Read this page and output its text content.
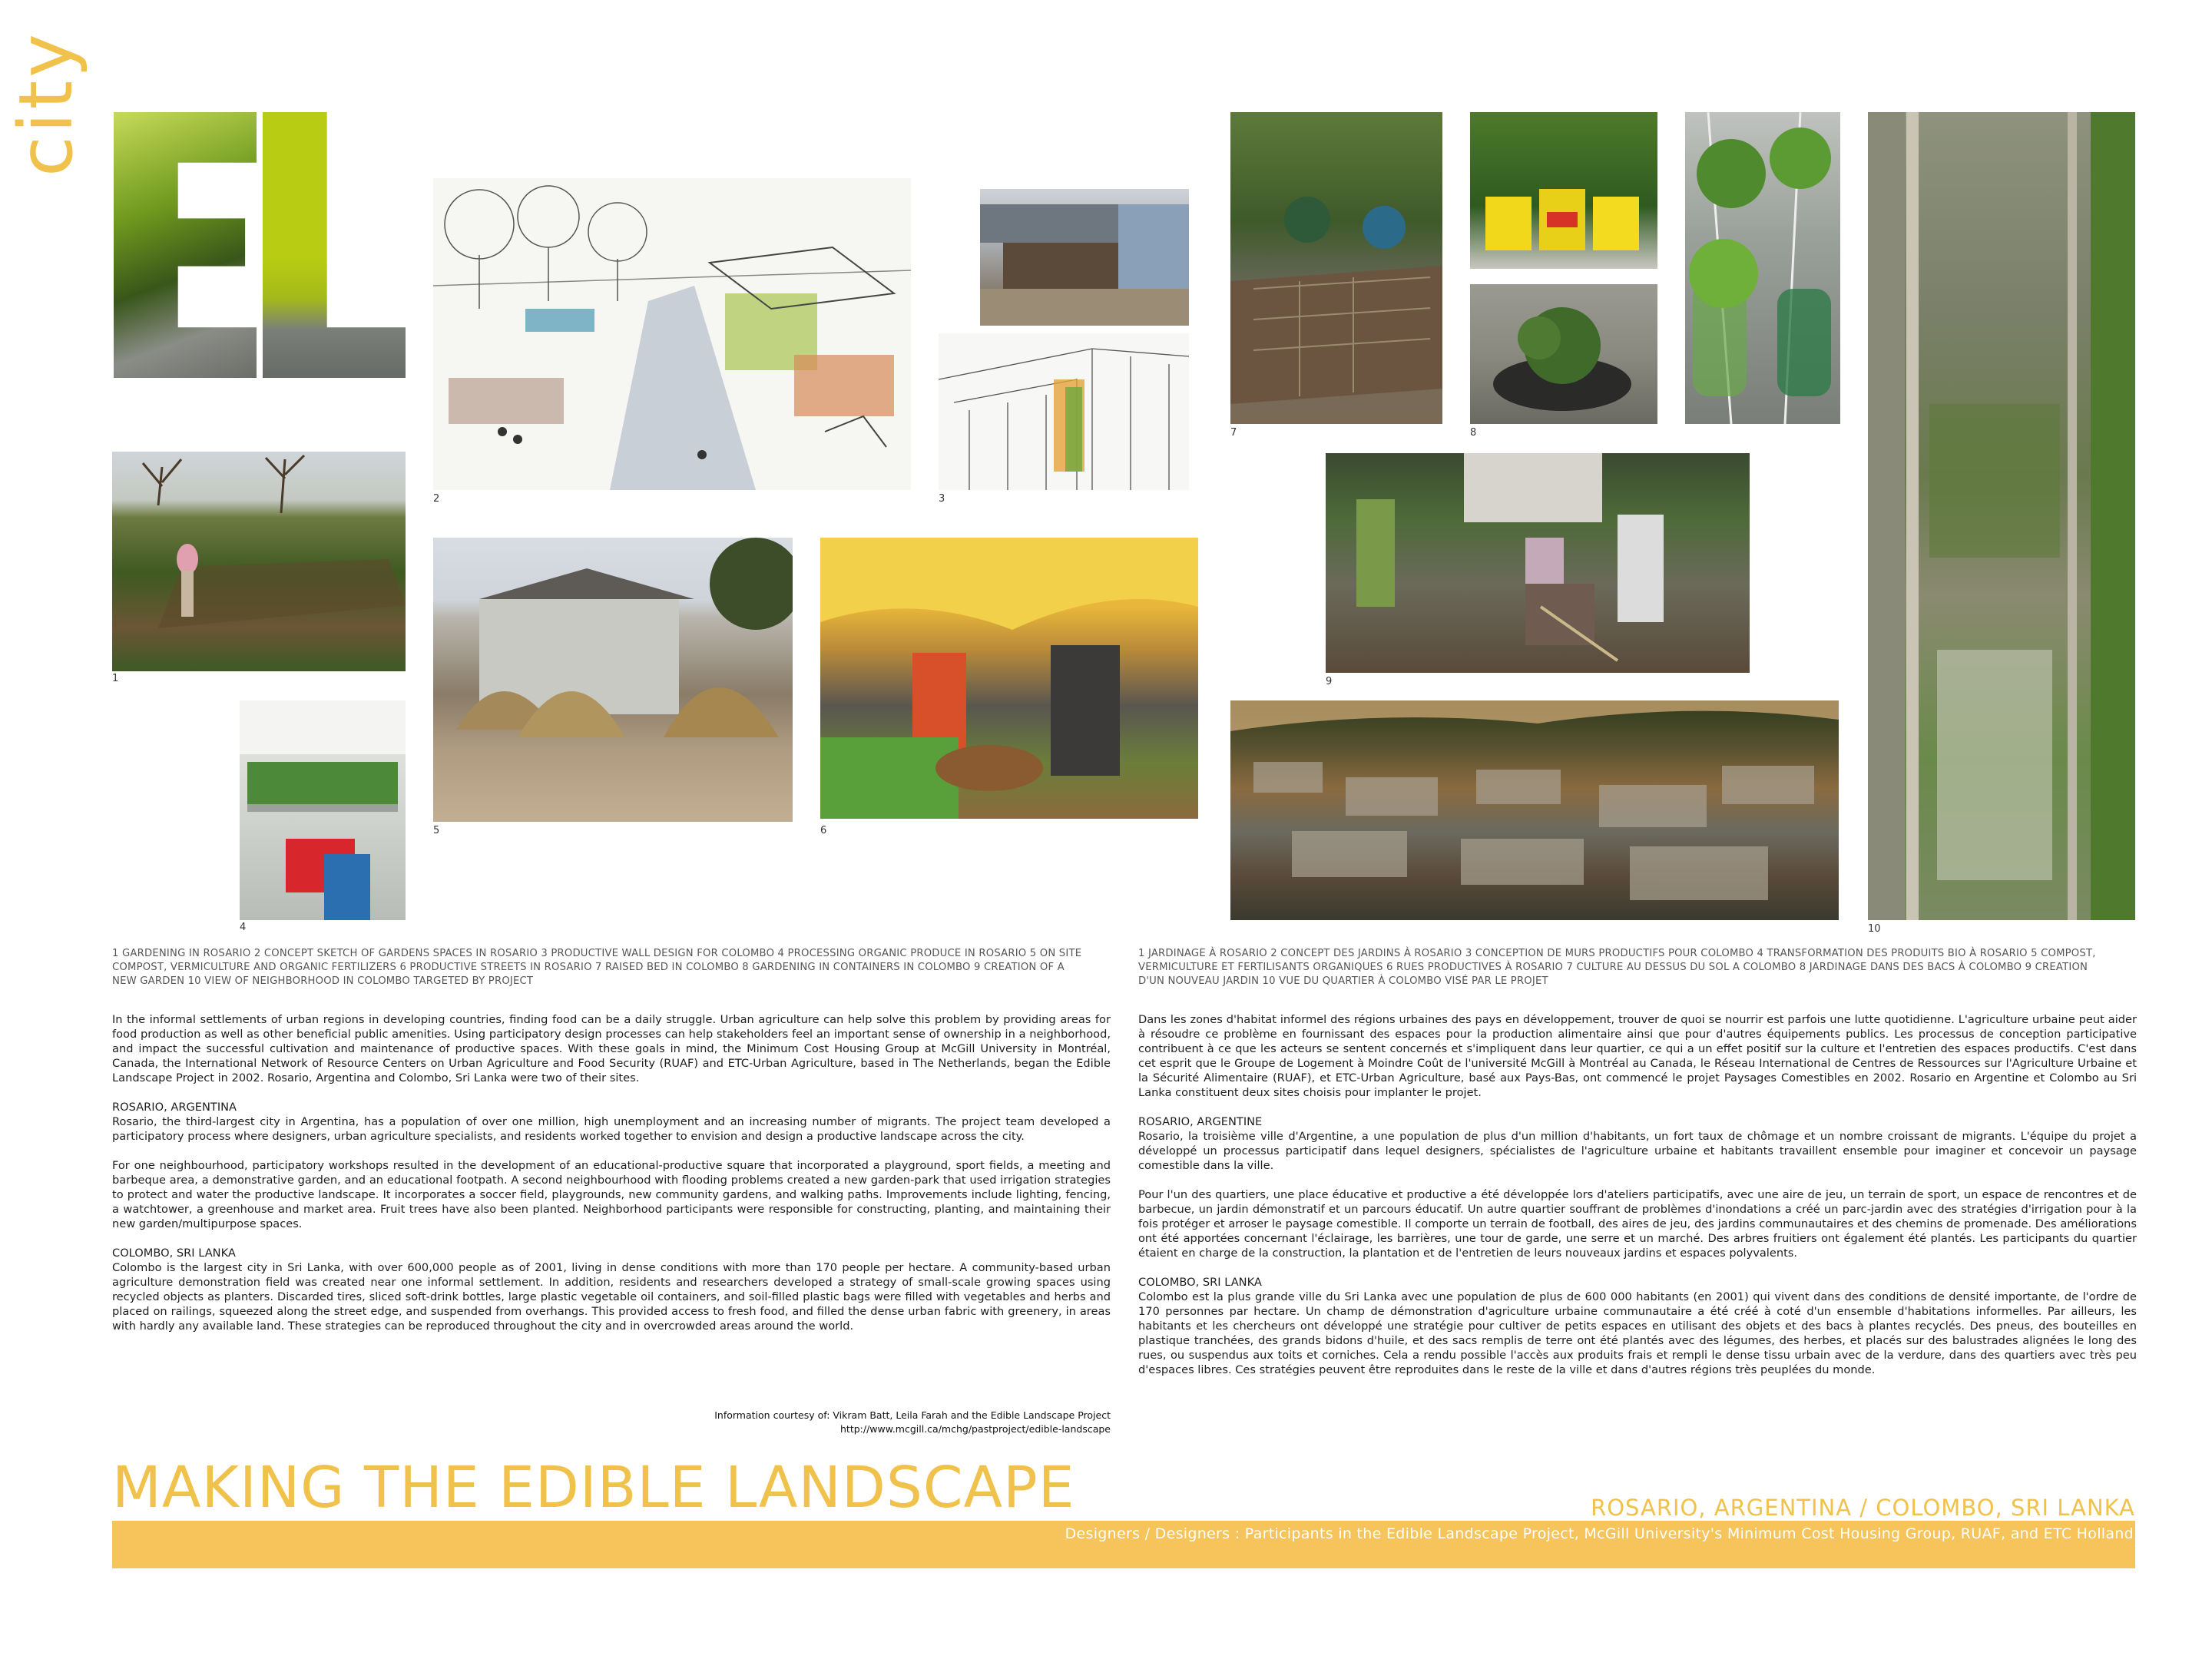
city
1
4
2	3
5	6
7	8
9
10
1 GARDENING IN ROSARIO 2 CONCEPT SKETCH OF GARDENS SPACES IN ROSARIO 3 PRODUCTIVE WALL DESIGN FOR COLOMBO 4 PROCESSING ORGANIC PRODUCE IN ROSARIO 5 ON SITE COMPOST, VERMICULTURE AND ORGANIC FERTILIZERS 6 PRODUCTIVE STREETS IN ROSARIO 7 RAISED BED IN COLOMBO 8 GARDENING IN CONTAINERS IN COLOMBO 9 CREATION OF A NEW GARDEN 10 VIEW OF NEIGHBORHOOD IN COLOMBO TARGETED BY PROJECT
1 JARDINAGE À ROSARIO 2 CONCEPT DES JARDINS À ROSARIO 3 CONCEPTION DE MURS PRODUCTIFS POUR COLOMBO 4 TRANSFORMATION DES PRODUITS BIO À ROSARIO 5 COMPOST, VERMICULTURE ET FERTILISANTS ORGANIQUES 6 RUES PRODUCTIVES À ROSARIO 7 CULTURE AU DESSUS DU SOL A COLOMBO 8 JARDINAGE DANS DES BACS À COLOMBO 9 CREATION D'UN NOUVEAU JARDIN 10 VUE DU QUARTIER À COLOMBO VISÉ PAR LE PROJET

In the informal settlements of urban regions in developing countries, finding food can be a daily struggle. Urban agriculture can help solve this problem by providing areas for food production as well as other beneficial public amenities. Using participatory design processes can help stakeholders feel an important sense of ownership in a neighborhood, and impact the successful cultivation and maintenance of productive spaces. With these goals in mind, the Minimum Cost Housing Group at McGill University in Montréal, Canada, the International Network of Resource Centers on Urban Agriculture and Food Security (RUAF) and ETC-Urban Agriculture, based in The Netherlands, began the Edible Landscape Project in 2002. Rosario, Argentina and Colombo, Sri Lanka were two of their sites.

ROSARIO, ARGENTINA
Rosario, the third-largest city in Argentina, has a population of over one million, high unemployment and an increasing number of migrants. The project team developed a participatory process where designers, urban agriculture specialists, and residents worked together to envision and design a productive landscape across the city.

For one neighbourhood, participatory workshops resulted in the development of an educational-productive square that incorporated a playground, sport fields, a meeting and barbeque area, a demonstrative garden, and an educational footpath. A second neighbourhood with flooding problems created a new garden-park that used irrigation strategies to protect and water the productive landscape. It incorporates a soccer field, playgrounds, new community gardens, and walking paths. Improvements include lighting, fencing, a watchtower, a greenhouse and market area. Fruit trees have also been planted. Neighborhood participants were responsible for constructing, planting, and maintaining their new garden/multipurpose spaces.

COLOMBO, SRI LANKA
Colombo is the largest city in Sri Lanka, with over 600,000 people as of 2001, living in dense conditions with more than 170 people per hectare. A community-based urban agriculture demonstration field was created near one informal settlement. In addition, residents and researchers developed a strategy of small-scale growing spaces using recycled objects as planters. Discarded tires, sliced soft-drink bottles, large plastic vegetable oil containers, and soil-filled plastic bags were filled with vegetables and herbs and placed on railings, squeezed along the street edge, and suspended from overhangs. This provided access to fresh food, and filled the dense urban fabric with greenery, in areas with hardly any available land. These strategies can be reproduced throughout the city and in overcrowded areas around the world.

Information courtesy of: Vikram Batt, Leila Farah and the Edible Landscape Project
http://www.mcgill.ca/mchg/pastproject/edible-landscape

Dans les zones d'habitat informel des régions urbaines des pays en développement, trouver de quoi se nourrir est parfois une lutte quotidienne. L'agriculture urbaine peut aider à résoudre ce problème en fournissant des espaces pour la production alimentaire ainsi que pour d'autres équipements publics. Les processus de conception participative contribuent à ce que les acteurs se sentent concernés et s'impliquent dans leur quartier, ce qui a un effet positif sur la culture et l'entretien des espaces productifs. C'est dans cet esprit que le Groupe de Logement à Moindre Coût de l'université McGill à Montréal au Canada, le Réseau International de Centres de Ressources sur l'Agriculture Urbaine et la Sécurité Alimentaire (RUAF), et ETC-Urban Agriculture, basé aux Pays-Bas, ont commencé le projet Paysages Comestibles en 2002. Rosario en Argentine et Colombo au Sri Lanka constituent deux sites choisis pour implanter le projet.

ROSARIO, ARGENTINE
Rosario, la troisième ville d'Argentine, a une population de plus d'un million d'habitants, un fort taux de chômage et un nombre croissant de migrants. L'équipe du projet a développé un processus participatif dans lequel designers, spécialistes de l'agriculture urbaine et habitants travaillent ensemble pour imaginer et concevoir un paysage comestible dans la ville.

Pour l'un des quartiers, une place éducative et productive a été développée lors d'ateliers participatifs, avec une aire de jeu, un terrain de sport, un espace de rencontres et de barbecue, un jardin démonstratif et un parcours éducatif. Un autre quartier souffrant de problèmes d'inondations a créé un parc-jardin avec des stratégies d'irrigation pour à la fois protéger et arroser le paysage comestible. Il comporte un terrain de football, des aires de jeu, des jardins communautaires et des chemins de promenade. Des améliorations ont été apportées concernant l'éclairage, les barrières, une tour de garde, une serre et un marché. Des arbres fruitiers ont également été plantés. Les participants du quartier étaient en charge de la construction, la plantation et de l'entretien de leurs nouveaux jardins et espaces polyvalents.

COLOMBO, SRI LANKA
Colombo est la plus grande ville du Sri Lanka avec une population de plus de 600 000 habitants (en 2001) qui vivent dans des conditions de densité importante, de l'ordre de 170 personnes par hectare. Un champ de démonstration d'agriculture urbaine communautaire a été créé à coté d'un ensemble d'habitations informelles. Par ailleurs, les habitants et les chercheurs ont développé une stratégie pour cultiver de petits espaces en utilisant des objets et des bacs à plantes recyclés. Des pneus, des bouteilles en plastique tranchées, des grands bidons d'huile, et des sacs remplis de terre ont été plantés avec des légumes, des herbes, et placés sur des balustrades alignées le long des rues, ou suspendus aux toits et corniches. Cela a rendu possible l'accès aux produits frais et rempli le dense tissu urbain avec de la verdure, dans des quartiers avec très peu d'espaces libres. Ces stratégies peuvent être reproduites dans le reste de la ville et dans d'autres régions très peuplées du monde.

MAKING THE EDIBLE LANDSCAPE	ROSARIO, ARGENTINA / COLOMBO, SRI LANKA
Designers / Designers : Participants in the Edible Landscape Project, McGill University's Minimum Cost Housing Group, RUAF, and ETC Holland
